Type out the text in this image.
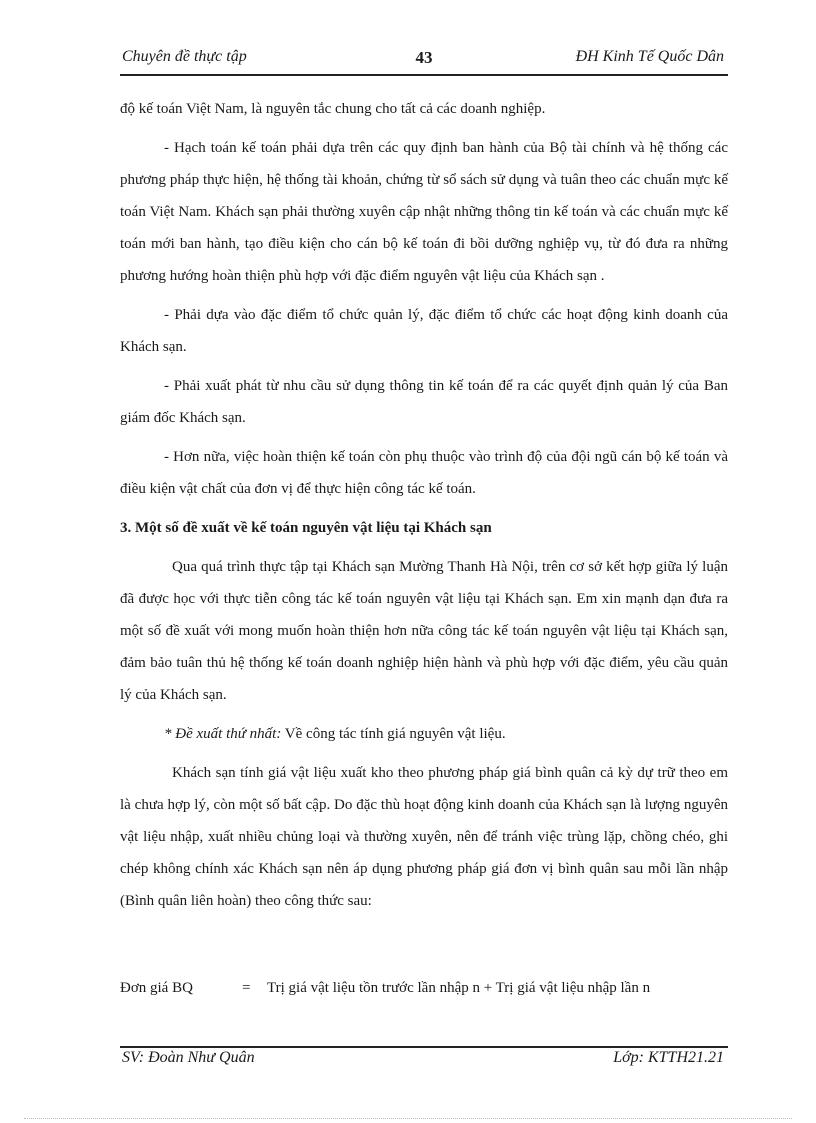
Chuyên đề thực tập	43	ĐH Kinh Tế Quốc Dân

độ kế toán Việt Nam, là nguyên tắc chung cho tất cả các doanh nghiệp.

- Hạch toán kế toán phải dựa trên các quy định ban hành của Bộ tài chính và hệ thống các phương pháp thực hiện, hệ thống tài khoản, chứng từ sổ sách sử dụng và tuân theo các chuẩn mực kế toán Việt Nam. Khách sạn phải thường xuyên cập nhật những thông tin kế toán và các chuẩn mực kế toán mới ban hành, tạo điều kiện cho cán bộ kế toán đi bồi dưỡng nghiệp vụ, từ đó đưa ra những phương hướng hoàn thiện phù hợp với đặc điểm nguyên vật liệu của Khách sạn .

- Phải dựa vào đặc điểm tổ chức quản lý, đặc điểm tổ chức các hoạt động kinh doanh của Khách sạn.

- Phải xuất phát từ nhu cầu sử dụng thông tin kế toán để ra các quyết định quản lý của Ban giám đốc Khách sạn.

- Hơn nữa, việc hoàn thiện kế toán còn phụ thuộc vào trình độ của đội ngũ cán bộ kế toán và điều kiện vật chất của đơn vị để thực hiện công tác kế toán.

3. Một số đề xuất về kế toán nguyên vật liệu tại Khách sạn

Qua quá trình thực tập tại Khách sạn Mường Thanh Hà Nội, trên cơ sở kết hợp giữa lý luận đã được học với thực tiễn công tác kế toán nguyên vật liệu tại Khách sạn. Em xin mạnh dạn đưa ra một số đề xuất với mong muốn hoàn thiện hơn nữa công tác kế toán nguyên vật liệu tại Khách sạn, đảm bảo tuân thủ hệ thống kế toán doanh nghiệp hiện hành và phù hợp với đặc điểm, yêu cầu quản lý của Khách sạn.

* Đề xuất thứ nhất: Về công tác tính giá nguyên vật liệu.

Khách sạn tính giá vật liệu xuất kho theo phương pháp giá bình quân cả kỳ dự trữ theo em là chưa hợp lý, còn một số bất cập. Do đặc thù hoạt động kinh doanh của Khách sạn là lượng nguyên vật liệu nhập, xuất nhiều chủng loại và thường xuyên, nên để tránh việc trùng lặp, chồng chéo, ghi chép không chính xác Khách sạn nên áp dụng phương pháp giá đơn vị bình quân sau mỗi lần nhập (Bình quân liên hoàn) theo công thức sau:

Đơn giá BQ	= Trị giá vật liệu tồn trước lần nhập n + Trị giá vật liệu nhập lần n
SV: Đoàn Như Quân	Lớp: KTTH21.21
